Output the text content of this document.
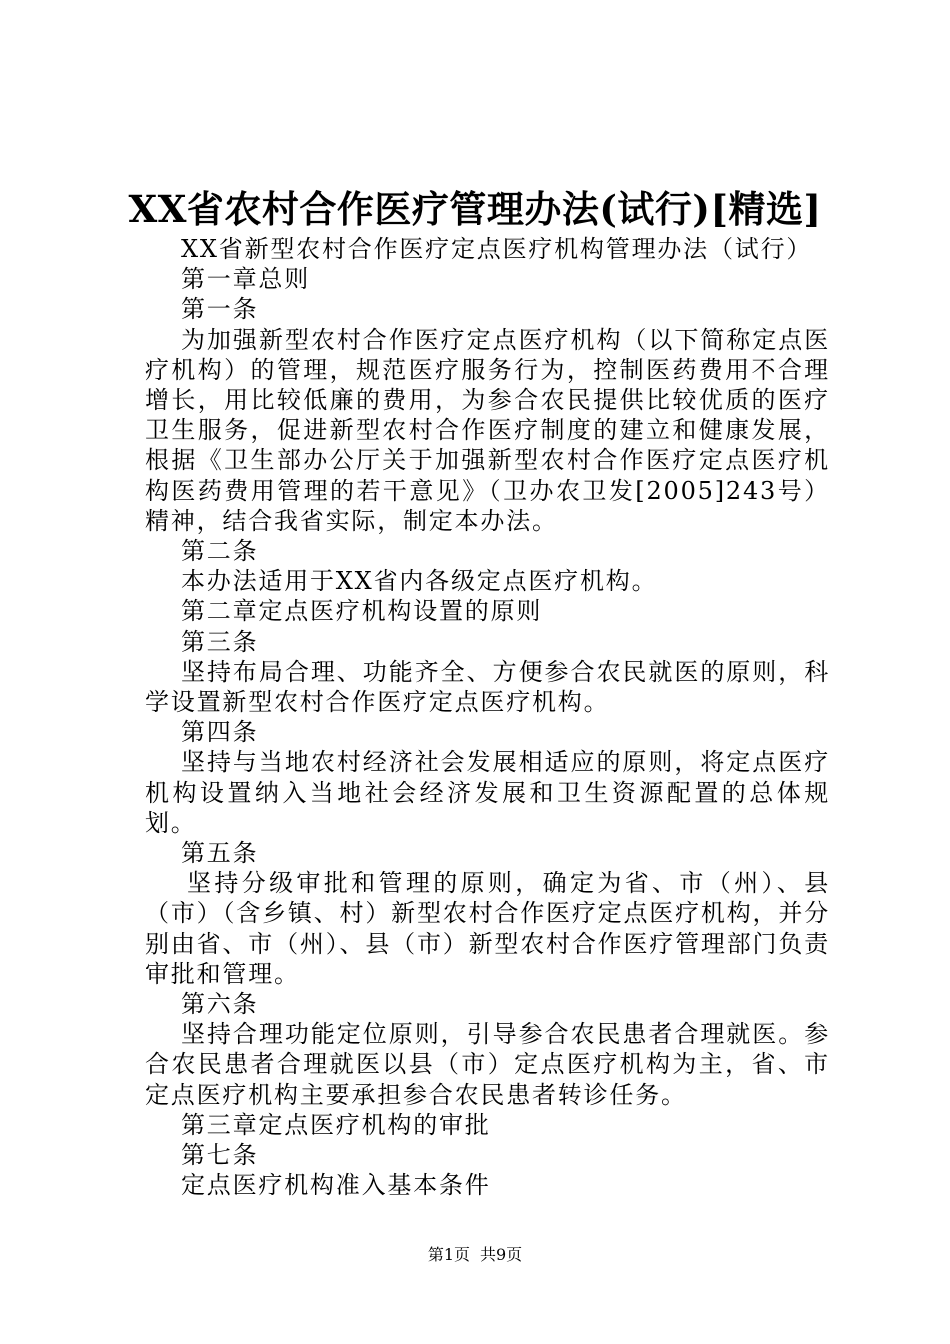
XX省农村合作医疗管理办法(试行)[精选]

XX省新型农村合作医疗定点医疗机构管理办法（试行）

第一章总则

第一条

为加强新型农村合作医疗定点医疗机构（以下简称定点医疗机构）的管理，规范医疗服务行为，控制医药费用不合理增长，用比较低廉的费用，为参合农民提供比较优质的医疗卫生服务，促进新型农村合作医疗制度的建立和健康发展，根据《卫生部办公厅关于加强新型农村合作医疗定点医疗机构医药费用管理的若干意见》（卫办农卫发[2005]243号）精神，结合我省实际，制定本办法。

第二条

本办法适用于XX省内各级定点医疗机构。

第二章定点医疗机构设置的原则

第三条

坚持布局合理、功能齐全、方便参合农民就医的原则，科学设置新型农村合作医疗定点医疗机构。

第四条

坚持与当地农村经济社会发展相适应的原则，将定点医疗机构设置纳入当地社会经济发展和卫生资源配置的总体规划。

第五条

坚持分级审批和管理的原则，确定为省、市（州）、县（市）（含乡镇、村）新型农村合作医疗定点医疗机构，并分别由省、市（州）、县（市）新型农村合作医疗管理部门负责审批和管理。

第六条

坚持合理功能定位原则，引导参合农民患者合理就医。参合农民患者合理就医以县（市）定点医疗机构为主，省、市定点医疗机构主要承担参合农民患者转诊任务。

第三章定点医疗机构的审批

第七条

定点医疗机构准入基本条件

第1页 共9页
